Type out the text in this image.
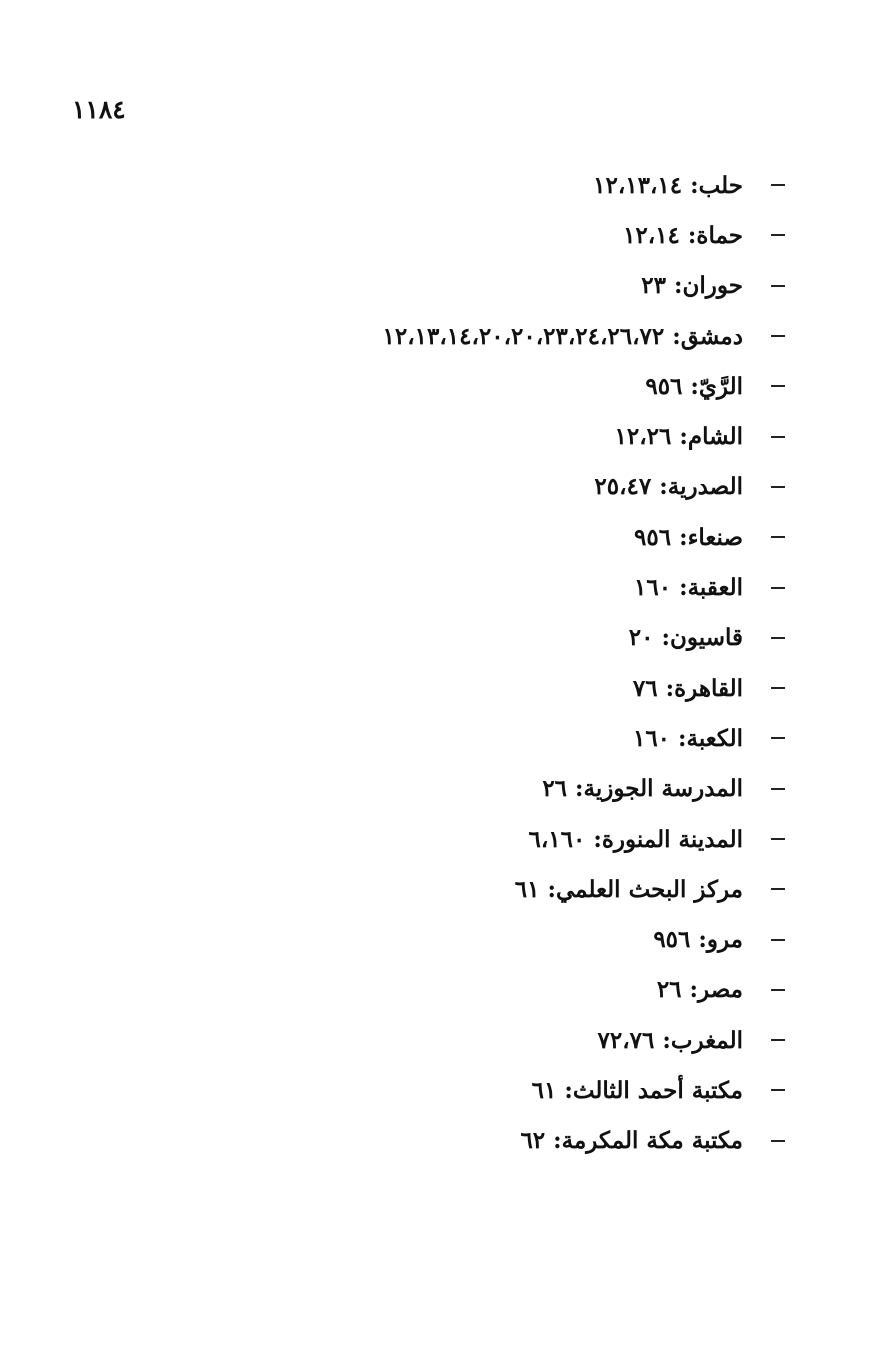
١١٨٤
حلب: ١٢،١٣،١٤
حماة: ١٢،١٤
حوران: ٢٣
دمشق: ١٢،١٣،١٤،٢٠،٢٠،٢٣،٢٤،٢٦،٧٢
الرَّيّ: ٩٥٦
الشام: ١٢،٢٦
الصدرية: ٢٥،٤٧
صنعاء: ٩٥٦
العقبة: ١٦٠
قاسيون: ٢٠
القاهرة: ٧٦
الكعبة: ١٦٠
المدرسة الجوزية: ٢٦
المدينة المنورة: ٦،١٦٠
مركز البحث العلمي: ٦١
مرو: ٩٥٦
مصر: ٢٦
المغرب: ٧٢،٧٦
مكتبة أحمد الثالث: ٦١
مكتبة مكة المكرمة: ٦٢
